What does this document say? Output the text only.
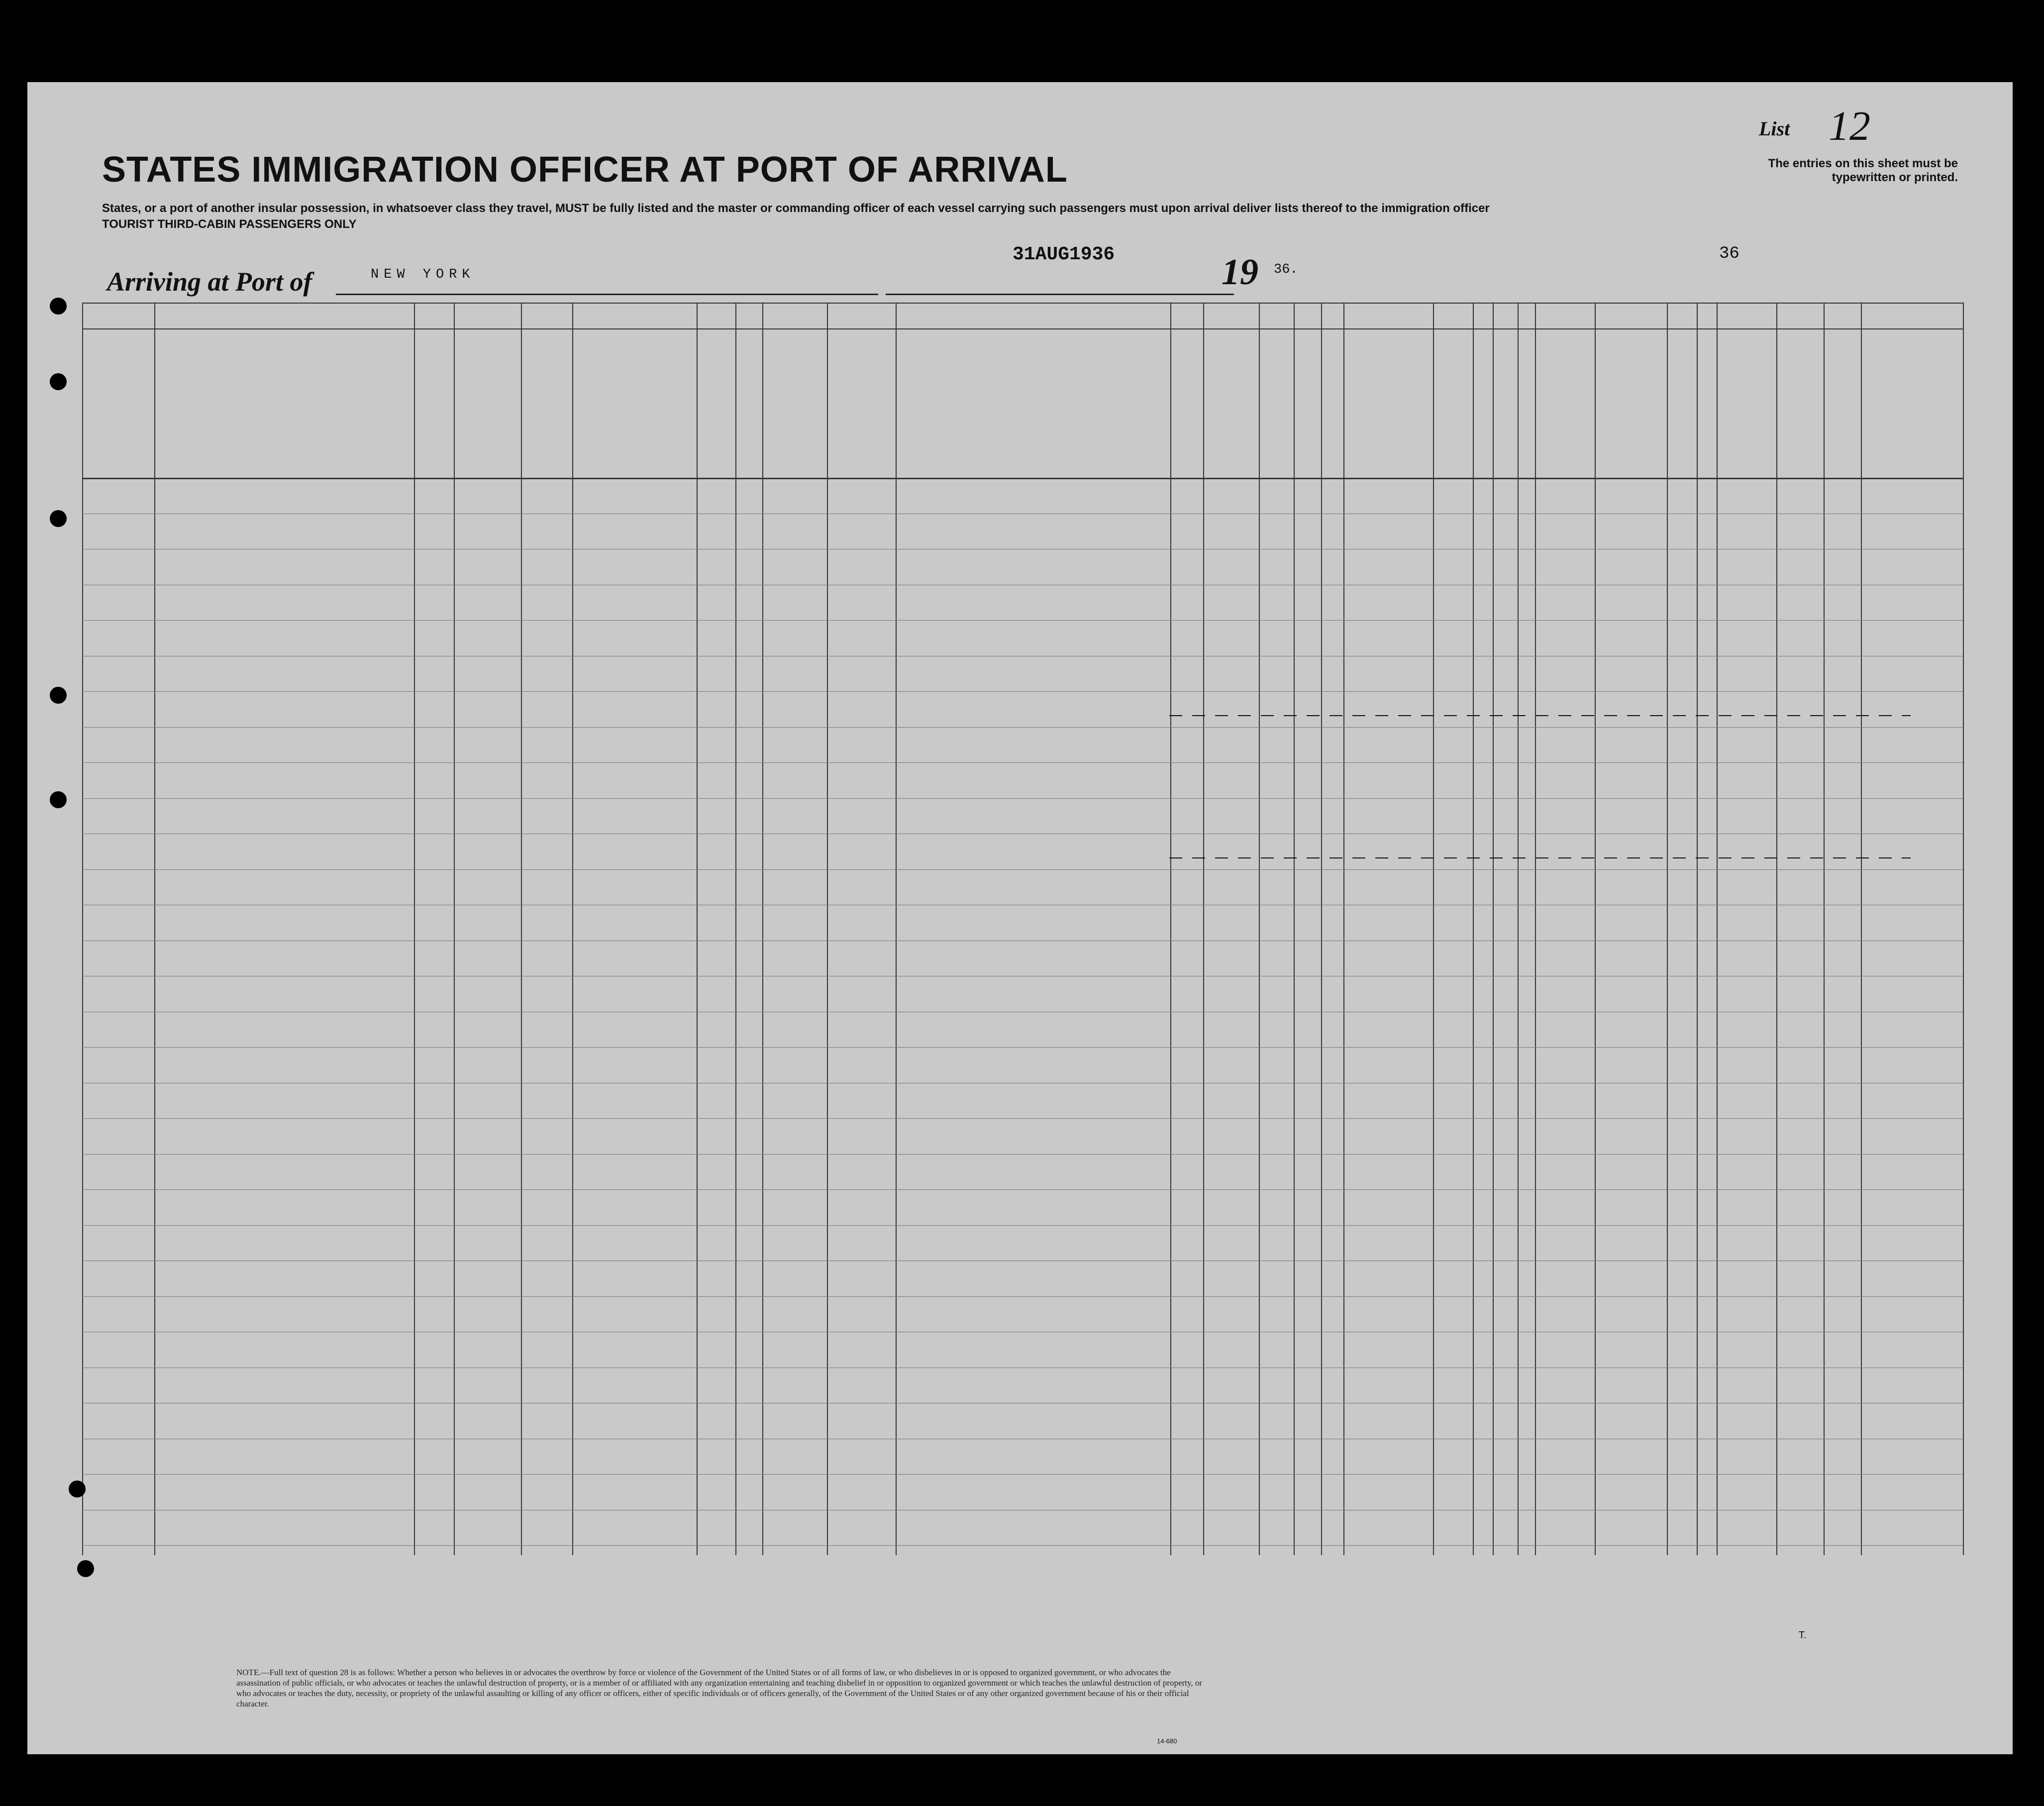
List 12
The entries on this sheet must be typewritten or printed.
STATES IMMIGRATION OFFICER AT PORT OF ARRIVAL
States, or a port of another insular possession, in whatsoever class they travel, MUST be fully listed and the master or commanding officer of each vessel carrying such passengers must upon arrival deliver lists thereof to the immigration officer
TOURIST THIRD-CABIN PASSENGERS ONLY
Arriving at Port of	NEW YORK
31AUG1936	19 36.
36
NOTE.—Full text of question 28 is as follows: Whether a person who believes in or advocates the overthrow by force or violence of the Government of the United States or of all forms of law, or who disbelieves in or is opposed to organized government, or who advocates the assassination of public officials, or who advocates or teaches the unlawful destruction of property, or is a member of or affiliated with any organization entertaining and teaching disbelief in or opposition to organized government or which teaches the unlawful destruction of property, or who advocates or teaches the duty, necessity, or propriety of the unlawful assaulting or killing of any officer or officers, either of specific individuals or of officers generally, of the Government of the United States or of any other organized government because of his or their official character.
14-680
T.
